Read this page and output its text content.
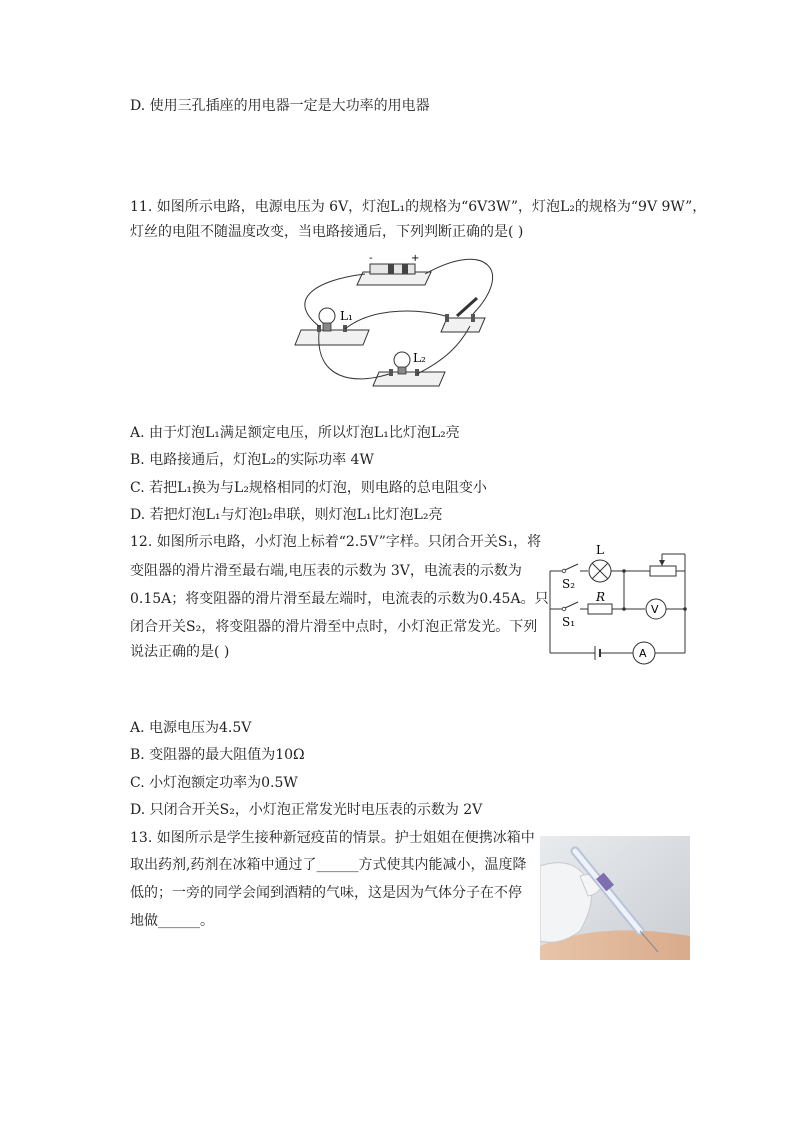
D. 使用三孔插座的用电器一定是大功率的用电器
11. 如图所示电路，电源电压为 6V，灯泡L₁的规格为“6V3W”，灯泡L₂的规格为“9V 9W”，
灯丝的电阻不随温度改变，当电路接通后，下列判断正确的是( )
-	+
L₁
L₂
A. 由于灯泡L₁满足额定电压，所以灯泡L₁比灯泡L₂亮
B. 电路接通后，灯泡L₂的实际功率 4W
C. 若把L₁换为与L₂规格相同的灯泡，则电路的总电阻变小
D. 若把灯泡L₁与灯泡l₂串联，则灯泡L₁比灯泡L₂亮
12. 如图所示电路，小灯泡上标着“2.5V”字样。只闭合开关S₁，将
变阻器的滑片滑至最右端,电压表的示数为 3V，电流表的示数为
0.15A；将变阻器的滑片滑至最左端时，电流表的示数为0.45A。只
闭合开关S₂，将变阻器的滑片滑至中点时，小灯泡正常发光。下列
说法正确的是( )
S₂
L
S₁
R
V
A
A. 电源电压为4.5V
B. 变阻器的最大阻值为10Ω
C. 小灯泡额定功率为0.5W
D. 只闭合开关S₂，小灯泡正常发光时电压表的示数为 2V
13. 如图所示是学生接种新冠疫苗的情景。护士姐姐在便携冰箱中
取出药剂,药剂在冰箱中通过了______方式使其内能减小，温度降
低的；一旁的同学会闻到酒精的气味，这是因为气体分子在不停
地做______。
